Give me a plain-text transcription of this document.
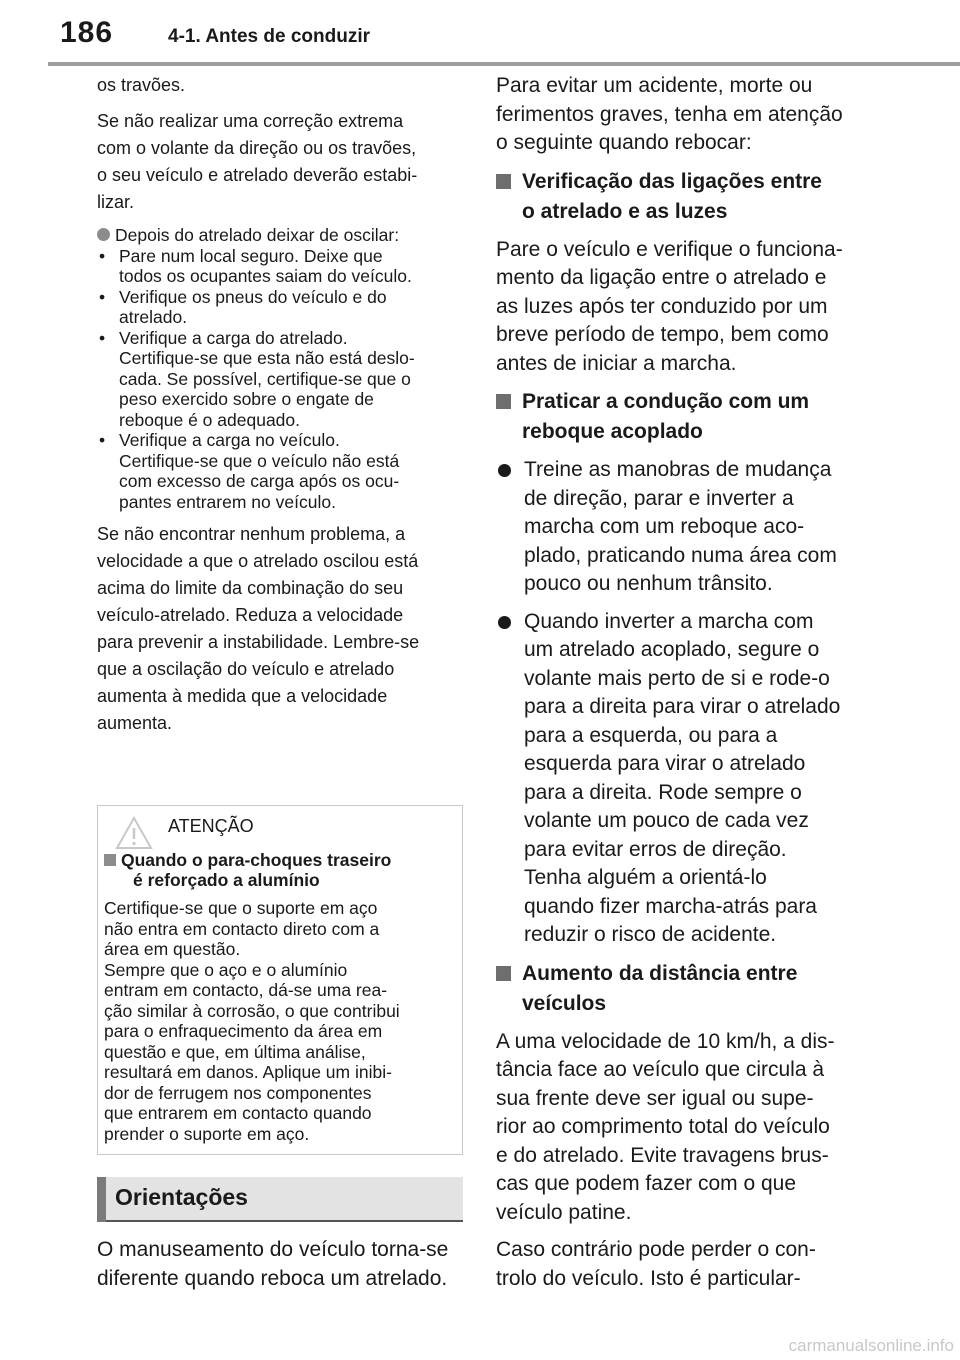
186	4-1. Antes de conduzir

os travões.

Se não realizar uma correção extrema
com o volante da direção ou os travões,
o seu veículo e atrelado deverão estabi-
lizar.

Depois do atrelado deixar de oscilar:
• Pare num local seguro. Deixe que
todos os ocupantes saiam do veículo.
• Verifique os pneus do veículo e do
atrelado.
• Verifique a carga do atrelado.
Certifique-se que esta não está deslo-
cada. Se possível, certifique-se que o
peso exercido sobre o engate de
reboque é o adequado.
• Verifique a carga no veículo.
Certifique-se que o veículo não está
com excesso de carga após os ocu-
pantes entrarem no veículo.

Se não encontrar nenhum problema, a
velocidade a que o atrelado oscilou está
acima do limite da combinação do seu
veículo-atrelado. Reduza a velocidade
para prevenir a instabilidade. Lembre-se
que a oscilação do veículo e atrelado
aumenta à medida que a velocidade
aumenta.

ATENÇÃO
Quando o para-choques traseiro
é reforçado a alumínio
Certifique-se que o suporte em aço
não entra em contacto direto com a
área em questão.
Sempre que o aço e o alumínio
entram em contacto, dá-se uma rea-
ção similar à corrosão, o que contribui
para o enfraquecimento da área em
questão e que, em última análise,
resultará em danos. Aplique um inibi-
dor de ferrugem nos componentes
que entrarem em contacto quando
prender o suporte em aço.
Orientações
O manuseamento do veículo torna-se
diferente quando reboca um atrelado.

Para evitar um acidente, morte ou
ferimentos graves, tenha em atenção
o seguinte quando rebocar:

Verificação das ligações entre
o atrelado e as luzes

Pare o veículo e verifique o funciona-
mento da ligação entre o atrelado e
as luzes após ter conduzido por um
breve período de tempo, bem como
antes de iniciar a marcha.

Praticar a condução com um
reboque acoplado
Treine as manobras de mudança
de direção, parar e inverter a
marcha com um reboque aco-
plado, praticando numa área com
pouco ou nenhum trânsito.
Quando inverter a marcha com
um atrelado acoplado, segure o
volante mais perto de si e rode-o
para a direita para virar o atrelado
para a esquerda, ou para a
esquerda para virar o atrelado
para a direita. Rode sempre o
volante um pouco de cada vez
para evitar erros de direção.
Tenha alguém a orientá-lo
quando fizer marcha-atrás para
reduzir o risco de acidente.
Aumento da distância entre
veículos

A uma velocidade de 10 km/h, a dis-
tância face ao veículo que circula à
sua frente deve ser igual ou supe-
rior ao comprimento total do veículo
e do atrelado. Evite travagens brus-
cas que podem fazer com o que
veículo patine.

Caso contrário pode perder o con-
trolo do veículo. Isto é particular-

carmanualsonline.info
